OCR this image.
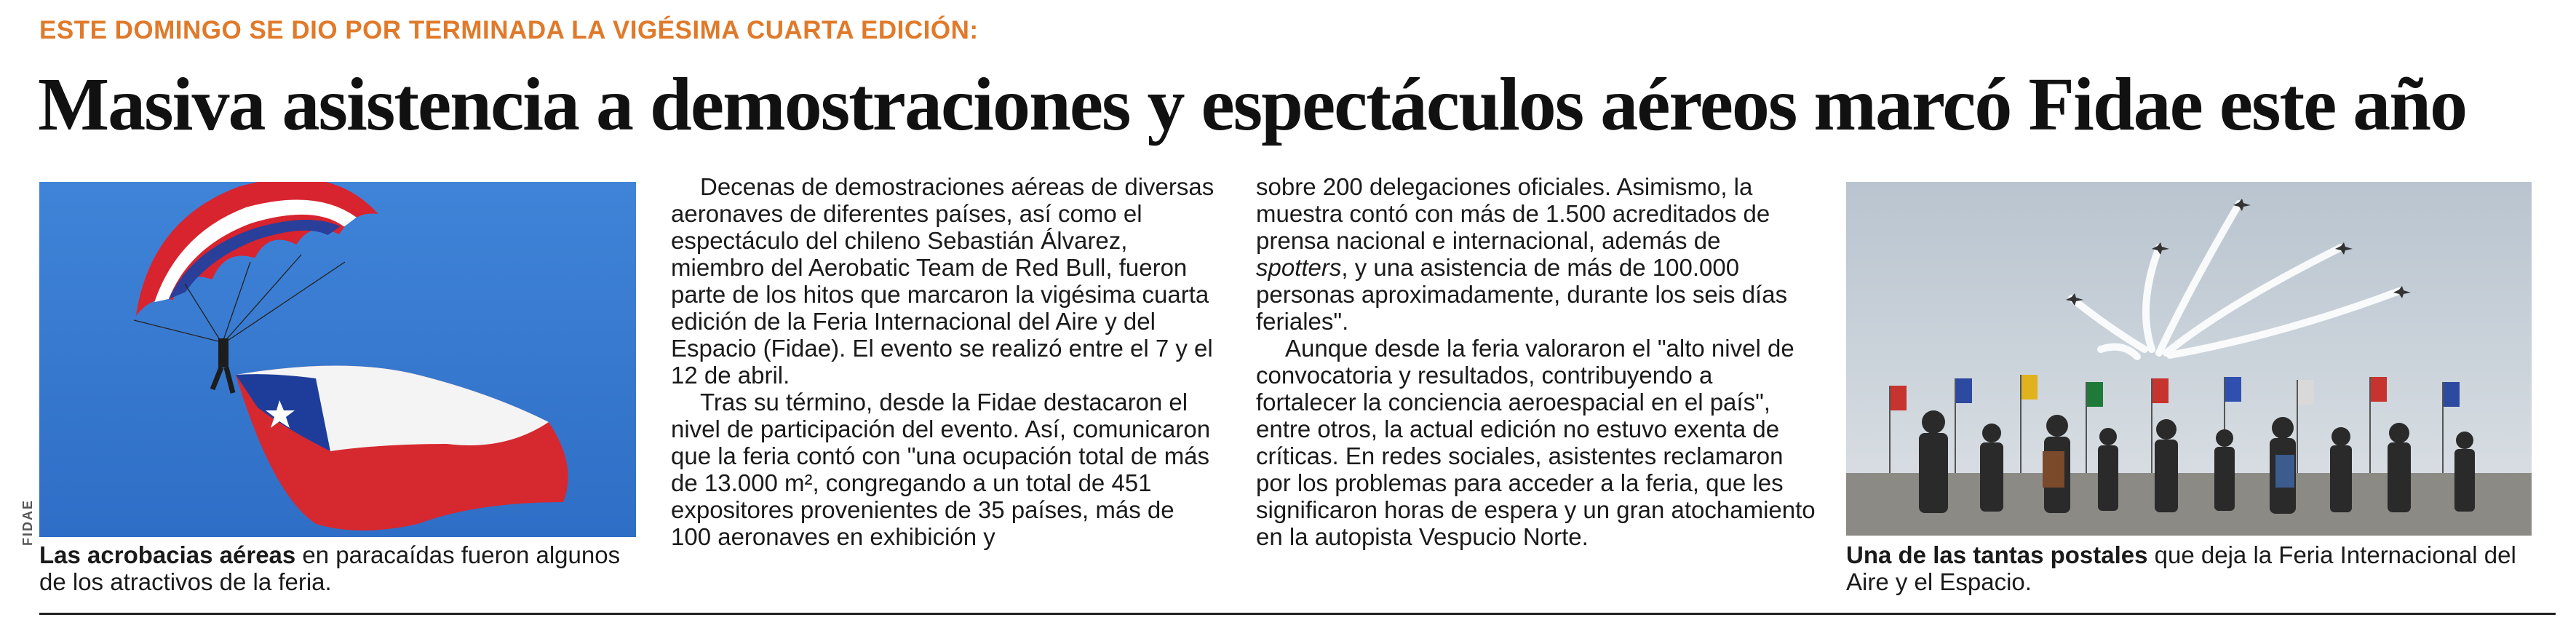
ESTE DOMINGO SE DIO POR TERMINADA LA VIGÉSIMA CUARTA EDICIÓN:
Masiva asistencia a demostraciones y espectáculos aéreos marcó Fidae este año
FIDAE
Las acrobacias aéreas en paracaídas fueron algunos de los atractivos de la feria.

Decenas de demostraciones aéreas de diversas aeronaves de diferentes países, así como el espectáculo del chileno Sebastián Álvarez, miembro del Aerobatic Team de Red Bull, fueron parte de los hitos que marcaron la vigésima cuarta edición de la Feria Internacional del Aire y del Espacio (Fidae). El evento se realizó entre el 7 y el 12 de abril.

Tras su término, desde la Fidae destacaron el nivel de participación del evento. Así, comunicaron que la feria contó con "una ocupación total de más de 13.000 m², congregando a un total de 451 expositores provenientes de 35 países, más de 100 aeronaves en exhibición y

sobre 200 delegaciones oficiales. Asimismo, la muestra contó con más de 1.500 acreditados de prensa nacional e internacional, además de spotters, y una asistencia de más de 100.000 personas aproximadamente, durante los seis días feriales".

Aunque desde la feria valoraron el "alto nivel de convocatoria y resultados, contribuyendo a fortalecer la conciencia aeroespacial en el país", entre otros, la actual edición no estuvo exenta de críticas. En redes sociales, asistentes reclamaron por los problemas para acceder a la feria, que les significaron horas de espera y un gran atochamiento en la autopista Vespucio Norte.

Una de las tantas postales que deja la Feria Internacional del Aire y el Espacio.
